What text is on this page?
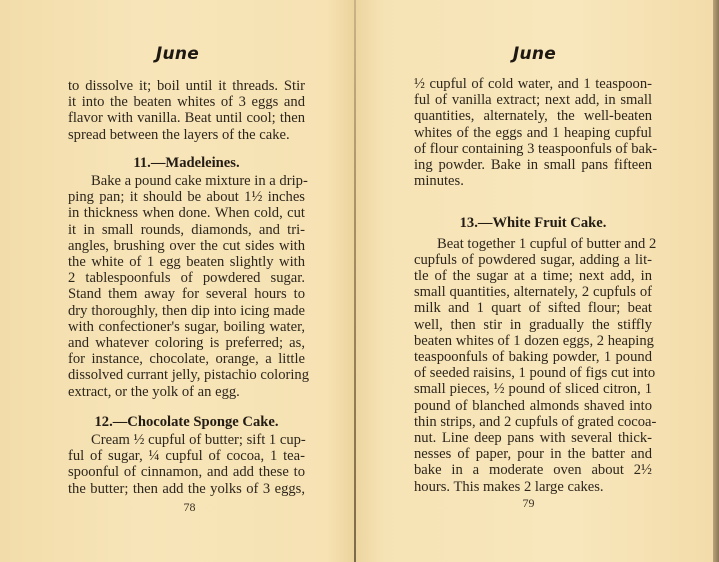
June
to dissolve it; boil until it threads. Stir
it into the beaten whites of 3 eggs and
flavor with vanilla. Beat until cool; then
spread between the layers of the cake.
11.—Madeleines.
Bake a pound cake mixture in a drip-
ping pan; it should be about 1½ inches
in thickness when done. When cold, cut
it in small rounds, diamonds, and tri-
angles, brushing over the cut sides with
the white of 1 egg beaten slightly with
2 tablespoonfuls of powdered sugar.
Stand them away for several hours to
dry thoroughly, then dip into icing made
with confectioner's sugar, boiling water,
and whatever coloring is preferred; as,
for instance, chocolate, orange, a little
dissolved currant jelly, pistachio coloring
extract, or the yolk of an egg.
12.—Chocolate Sponge Cake.
Cream ½ cupful of butter; sift 1 cup-
ful of sugar, ¼ cupful of cocoa, 1 tea-
spoonful of cinnamon, and add these to
the butter; then add the yolks of 3 eggs,
78
June
½ cupful of cold water, and 1 teaspoon-
ful of vanilla extract; next add, in small
quantities, alternately, the well-beaten
whites of the eggs and 1 heaping cupful
of flour containing 3 teaspoonfuls of bak-
ing powder. Bake in small pans fifteen
minutes.
13.—White Fruit Cake.
Beat together 1 cupful of butter and 2
cupfuls of powdered sugar, adding a lit-
tle of the sugar at a time; next add, in
small quantities, alternately, 2 cupfuls of
milk and 1 quart of sifted flour; beat
well, then stir in gradually the stiffly
beaten whites of 1 dozen eggs, 2 heaping
teaspoonfuls of baking powder, 1 pound
of seeded raisins, 1 pound of figs cut into
small pieces, ½ pound of sliced citron, 1
pound of blanched almonds shaved into
thin strips, and 2 cupfuls of grated cocoa-
nut. Line deep pans with several thick-
nesses of paper, pour in the batter and
bake in a moderate oven about 2½
hours. This makes 2 large cakes.
79
